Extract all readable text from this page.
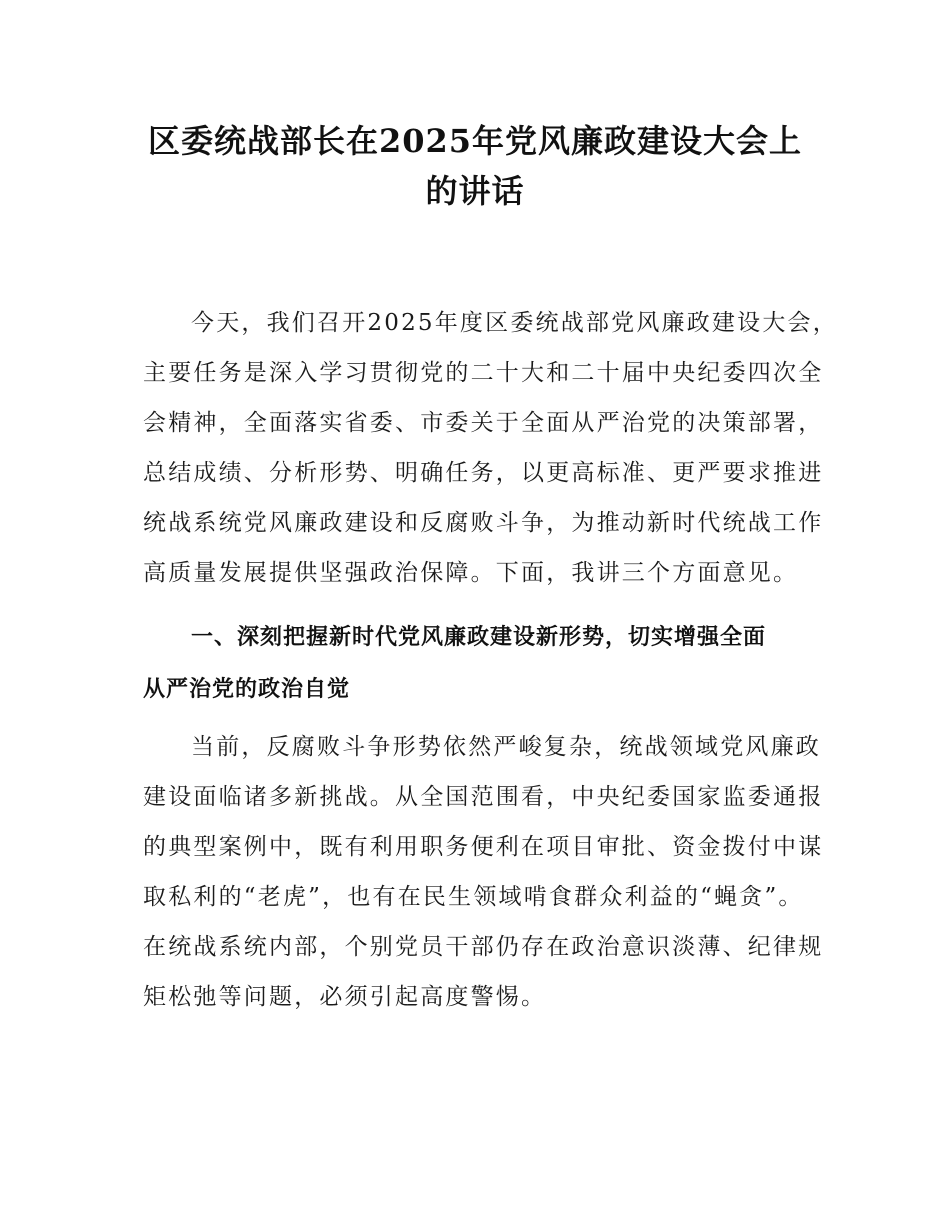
区委统战部长在2025年党风廉政建设大会上
的讲话
今天，我们召开2025年度区委统战部党风廉政建设大会，
主要任务是深入学习贯彻党的二十大和二十届中央纪委四次全
会精神，全面落实省委、市委关于全面从严治党的决策部署，
总结成绩、分析形势、明确任务，以更高标准、更严要求推进
统战系统党风廉政建设和反腐败斗争，为推动新时代统战工作
高质量发展提供坚强政治保障。下面，我讲三个方面意见。
一、深刻把握新时代党风廉政建设新形势，切实增强全面
从严治党的政治自觉
当前，反腐败斗争形势依然严峻复杂，统战领域党风廉政
建设面临诸多新挑战。从全国范围看，中央纪委国家监委通报
的典型案例中，既有利用职务便利在项目审批、资金拨付中谋
取私利的“老虎”，也有在民生领域啃食群众利益的“蝇贪”。
在统战系统内部，个别党员干部仍存在政治意识淡薄、纪律规
矩松弛等问题，必须引起高度警惕。
